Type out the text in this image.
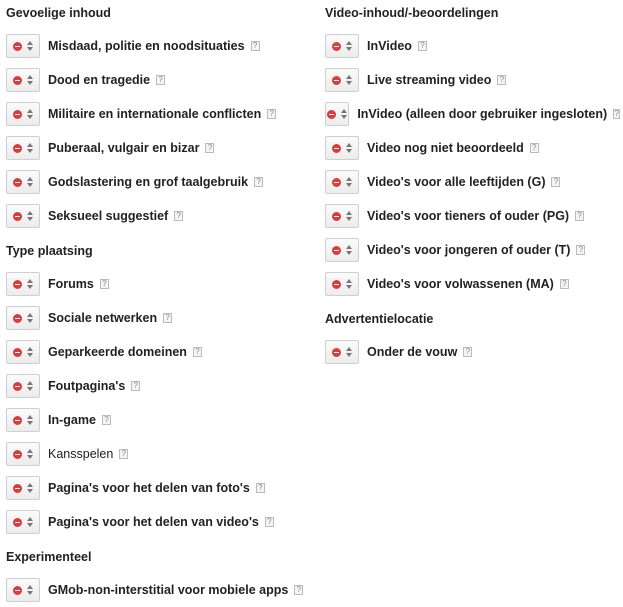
Gevoelige inhoud
Misdaad, politie en noodsituaties ?
Dood en tragedie ?
Militaire en internationale conflicten ?
Puberaal, vulgair en bizar ?
Godslastering en grof taalgebruik ?
Seksueel suggestief ?
Type plaatsing
Forums ?
Sociale netwerken ?
Geparkeerde domeinen ?
Foutpagina's ?
In-game ?
Kansspelen ?
Pagina's voor het delen van foto's ?
Pagina's voor het delen van video's ?
Experimenteel
GMob-non-interstitial voor mobiele apps ?
Video-inhoud/-beoordelingen
InVideo ?
Live streaming video ?
InVideo (alleen door gebruiker ingesloten) ?
Video nog niet beoordeeld ?
Video's voor alle leeftijden (G) ?
Video's voor tieners of ouder (PG) ?
Video's voor jongeren of ouder (T) ?
Video's voor volwassenen (MA) ?
Advertentielocatie
Onder de vouw ?
